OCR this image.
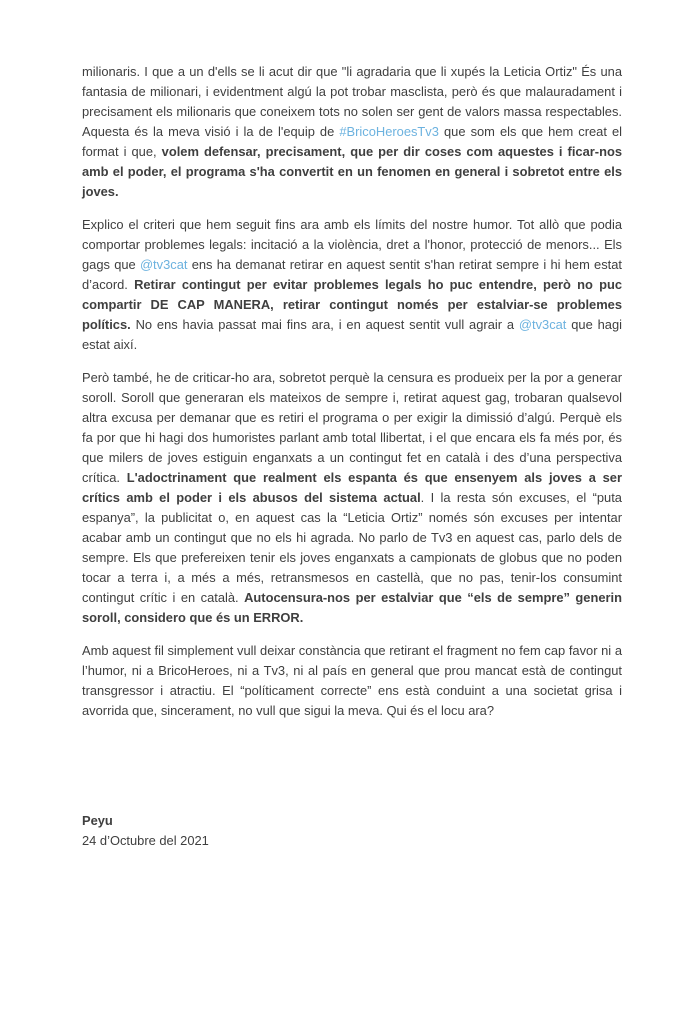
milionaris. I que a un d'ells se li acut dir que "li agradaria que li xupés la Leticia Ortiz" És una fantasia de milionari, i evidentment algú la pot trobar masclista, però és que malauradament i precisament els milionaris que coneixem tots no solen ser gent de valors massa respectables. Aquesta és la meva visió i la de l'equip de #BricoHeroesTv3 que som els que hem creat el format i que, volem defensar, precisament, que per dir coses com aquestes i ficar-nos amb el poder, el programa s'ha convertit en un fenomen en general i sobretot entre els joves.

Explico el criteri que hem seguit fins ara amb els límits del nostre humor. Tot allò que podia comportar problemes legals: incitació a la violència, dret a l'honor, protecció de menors... Els gags que @tv3cat ens ha demanat retirar en aquest sentit s'han retirat sempre i hi hem estat d’acord. Retirar contingut per evitar problemes legals ho puc entendre, però no puc compartir DE CAP MANERA, retirar contingut només per estalviar-se problemes polítics. No ens havia passat mai fins ara, i en aquest sentit vull agrair a @tv3cat que hagi estat així.

Però també, he de criticar-ho ara, sobretot perquè la censura es produeix per la por a generar soroll. Soroll que generaran els mateixos de sempre i, retirat aquest gag, trobaran qualsevol altra excusa per demanar que es retiri el programa o per exigir la dimissió d’algú. Perquè els fa por que hi hagi dos humoristes parlant amb total llibertat, i el que encara els fa més por, és que milers de joves estiguin enganxats a un contingut fet en català i des d’una perspectiva crítica. L'adoctrinament que realment els espanta és que ensenyem als joves a ser crítics amb el poder i els abusos del sistema actual. I la resta són excuses, el “puta espanya”, la publicitat o, en aquest cas la “Leticia Ortiz” només són excuses per intentar acabar amb un contingut que no els hi agrada. No parlo de Tv3 en aquest cas, parlo dels de sempre. Els que prefereixen tenir els joves enganxats a campionats de globus que no poden tocar a terra i, a més a més, retransmesos en castellà, que no pas, tenir-los consumint contingut crític i en català. Autocensura-nos per estalviar que “els de sempre” generin soroll, considero que és un ERROR.

Amb aquest fil simplement vull deixar constància que retirant el fragment no fem cap favor ni a l’humor, ni a BricoHeroes, ni a Tv3, ni al país en general que prou mancat està de contingut transgressor i atractiu. El “políticament correcte” ens està conduint a una societat grisa i avorrida que, sincerament, no vull que sigui la meva. Qui és el locu ara?

Peyu
24 d’Octubre del 2021
